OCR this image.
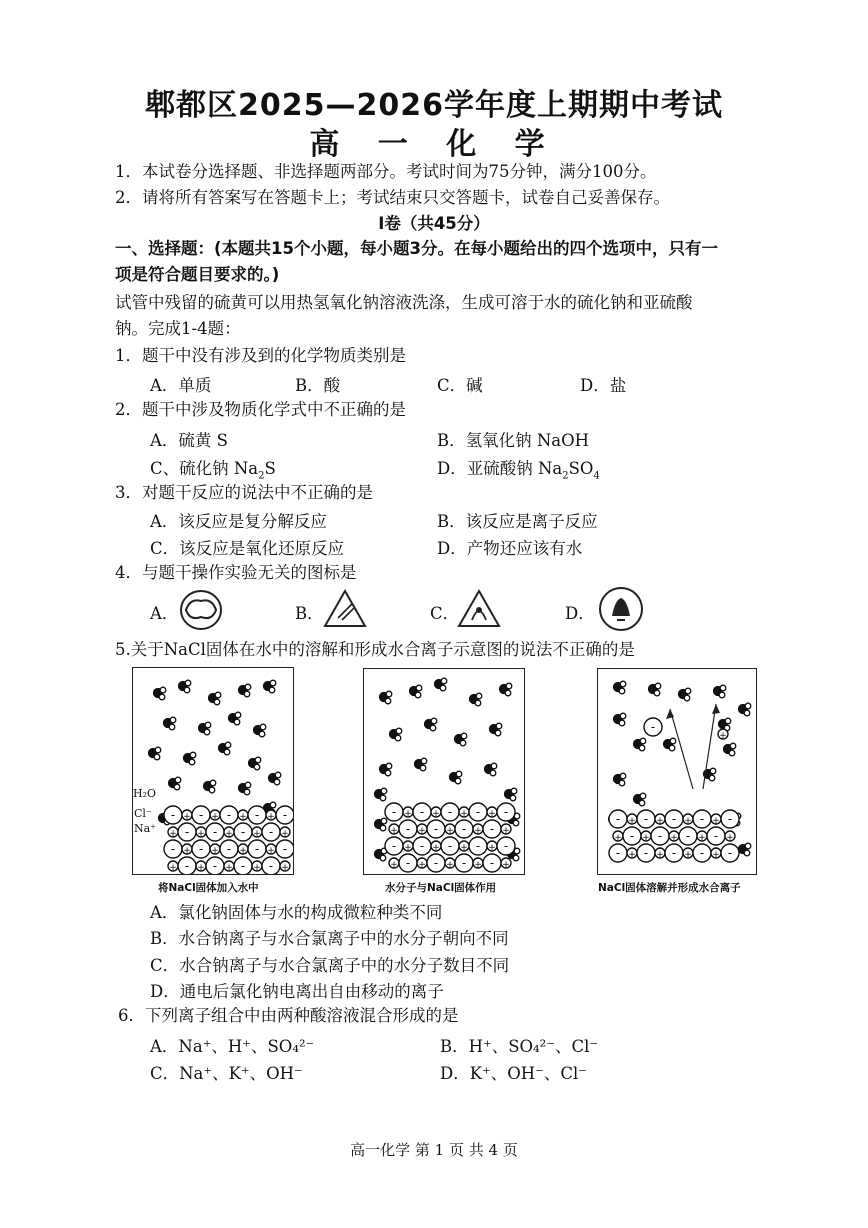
郫都区2025—2026学年度上期期中考试
高 一 化 学
1．本试卷分选择题、非选择题两部分。考试时间为75分钟，满分100分。
2．请将所有答案写在答题卡上；考试结束只交答题卡，试卷自己妥善保存。
Ⅰ卷（共45分）
一、选择题：(本题共15个小题，每小题3分。在每小题给出的四个选项中，只有一
项是符合题目要求的。)
试管中残留的硫黄可以用热氢氧化钠溶液洗涤，生成可溶于水的硫化钠和亚硫酸
钠。完成1-4题：
1．题干中没有涉及到的化学物质类别是
A．单质	B．酸	C．碱	D．盐
2．题干中涉及物质化学式中不正确的是
A．硫黄 S	B．氢氧化钠 NaOH
C、硫化钠 $Na_2S$	D．亚硫酸钠 $Na_2SO_4$
3．对题干反应的说法中不正确的是
A．该反应是复分解反应	B．该反应是离子反应
C．该反应是氧化还原反应	D．产物还应该有水
4．与题干操作实验无关的图标是
A．	B．	C．	D．
5.关于NaCl固体在水中的溶解和形成水合离子示意图的说法不正确的是
- + - + - + - + -
+ - + - + - + - +
- + - + - + - + -
+ - + - + - + - +
H₂O
Cl⁻
Na⁺
- + - + - + - + -
+ - + - + - + - +
- + - + - + - + -
+ - + - + - + - +
-
+
- + - + - + - + -
+ - + - + - + - +
- + - + - + - + -
将NaCl固体加入水中	水分子与NaCl固体作用	NaCl固体溶解并形成水合离子
A．氯化钠固体与水的构成微粒种类不同
B．水合钠离子与水合氯离子中的水分子朝向不同
C．水合钠离子与水合氯离子中的水分子数目不同
D．通电后氯化钠电离出自由移动的离子
6．下列离子组合中由两种酸溶液混合形成的是
A．Na⁺、H⁺、SO₄²⁻	B．H⁺、SO₄²⁻、Cl⁻
C．Na⁺、K⁺、OH⁻	D．K⁺、OH⁻、Cl⁻
高一化学 第 1 页 共 4 页
